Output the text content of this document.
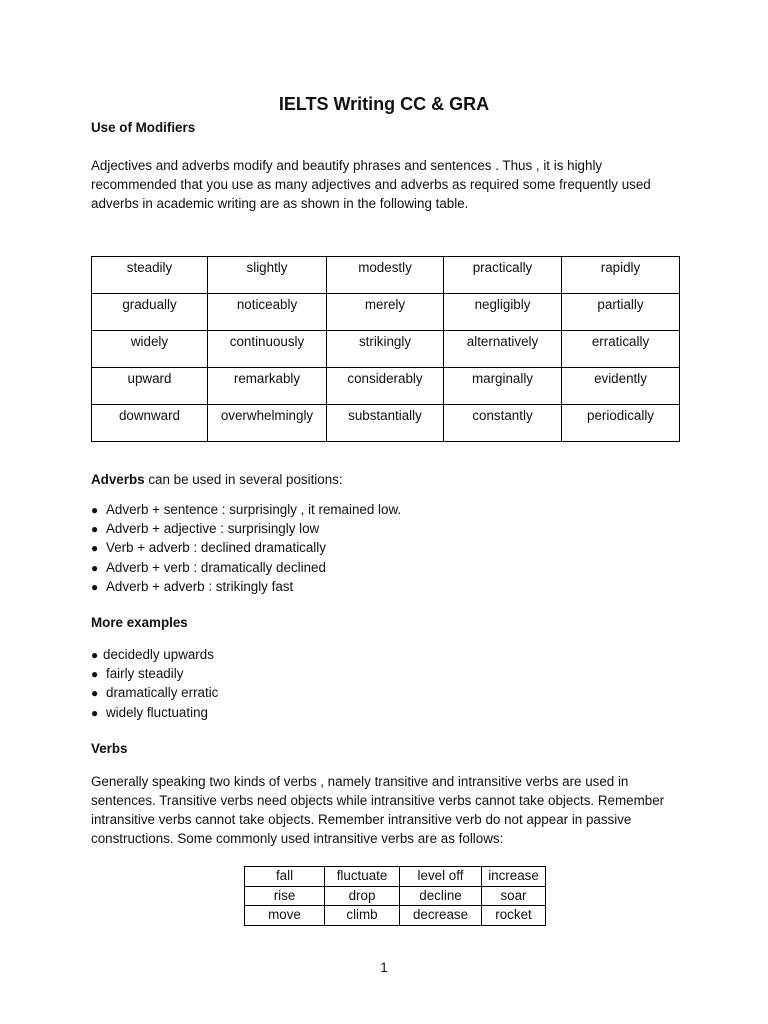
IELTS Writing CC & GRA

Use of Modifiers

Adjectives and adverbs modify and beautify phrases and sentences . Thus , it is highly recommended that you use as many adjectives and adverbs as required some frequently used adverbs in academic writing are as shown in the following table.

steadily	slightly	modestly	practically	rapidly
gradually	noticeably	merely	negligibly	partially
widely	continuously	strikingly	alternatively	erratically
upward	remarkably	considerably	marginally	evidently
downward	overwhelmingly	substantially	constantly	periodically

Adverbs can be used in several positions:

● Adverb + sentence : surprisingly , it remained low.
● Adverb + adjective : surprisingly low
● Verb + adverb : declined dramatically
● Adverb + verb : dramatically declined
● Adverb + adverb : strikingly fast

More examples

● decidedly upwards
● fairly steadily
● dramatically erratic
● widely fluctuating

Verbs

Generally speaking two kinds of verbs , namely transitive and intransitive verbs are used in sentences. Transitive verbs need objects while intransitive verbs cannot take objects. Remember intransitive verbs cannot take objects. Remember intransitive verb do not appear in passive constructions. Some commonly used intransitive verbs are as follows:

fall	fluctuate	level off	increase
rise	drop	decline	soar
move	climb	decrease	rocket
1
